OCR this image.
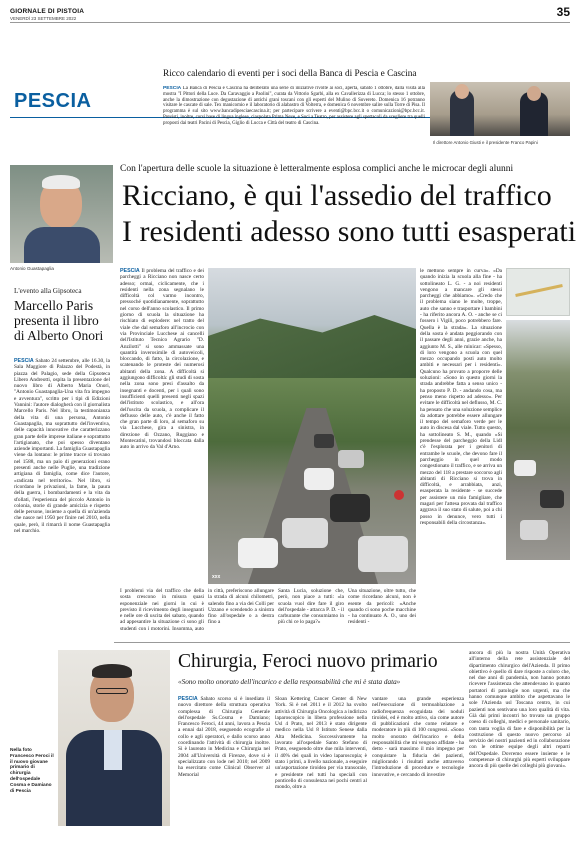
GIORNALE DI PISTOIA
VENERDÌ 23 SETTEMBRE 2022	35
PESCIA
Ricco calendario di eventi per i soci della Banca di Pescia e Cascina
PESCIA La Banca di Pescia e Cascina ha deliberato una serie di iniziative rivolte ai soci, aperta, sabato 1 ottobre, dalla visita alla mostra "I Pittori della Luce. Da Caravaggio a Paolini", curata da Vittorio Sgarbi, alla ex Cavallerizza di Lucca; lo stesso 1 ottobre, anche la dimostrazione con degustazione di antichi grani toscani con gli esperti del Mulino di Suvereto. Domenica 16 potranno visitare le cascate di sale. Tex manicomio e il laboratorio di alabastro di Volterra, e domenica 6 novembre salire sulla Torre di Pisa. Il programma è sul sito www.bancadipesciaecascina.it; per partecipare scrivere a eventi@bpc.bcc.it o comunicazioni@bpc.bcc.it. Previsti, inoltre, corsi base di lingua inglese, ciaspolata Prima Neve, e Soci a Teatro, per assistere agli spettacoli da scegliere tra quelli proposti dai teatri Pacini di Pescia, Giglio di Lucca e Città del teatro di Cascina.
Il direttore Antonio Giusti e il presidente Franco Papini
Con l'apertura delle scuole la situazione è letteralmente esplosa complici anche le microcar degli alunni
Antonio Guastapaglia
Riccianо, è qui l'assedio del traffico
I residenti adesso sono tutti esasperati
L'evento alla Gipsoteca
Marcello Paris presenta il libro di Alberto Onori
PESCIA Sabato 24 settembre, alle 16.30, la Sala Maggiore di Palazzo del Podestà, in piazza del Palagio, sede della Gipsoteca Libero Andreotti, ospita la presentazione del nuovo libro di Alberto Maria Onori, "Antonio Guastapaglia-Una vita fra impegno e avventura", scritto per i tipi di Edizioni Vannini: l'autore dialogherà con il giornalista Marcello Paris. Nel libro, la testimonianza della vita di una persona, Antonio Guastapaglia, ma soprattutto dell'inventiva, delle capacità innovative che caratterizzano gran parte delle imprese italiane e soprattutto l'artigianato, che poi spesso diventano aziende importanti. La famiglia Guastapaglia viene da lontano: le prime tracce si trovano nel 1588, ma un paio di generazioni erano presenti anche nelle Puglie, una tradizione artigiana di famiglia, come dice l'autore, «radicata nel territorio». Nel libro, si ricordano le privazioni, la fame, la paura della guerra, i bombardamenti e la vita da sfollati, l'esperienza del piccolo Antonio in colonia, storie di grande amicizia e rispetto delle persone, insieme a quella di un'azienda che nasce nel 1950 per finire nel 2010, nella quale, però, il rimarrà il nome Guastapaglia nel marchio.
PESCIA Il problema del traffico e dei parcheggi a Ricciano non nasce certo adesso; ormai, ciclicamente, che i residenti nella zona segnalano le difficoltà col varmo incontro, pressoché quotidianamente, soprattutto nel corso dell'anno scolastico. Il primo giorno di scuola la situazione ha rischiato di esplodere: nel tratto del viale che dal semaforo all'incrocio con via Provinciale Lucchese ai cancelli dell'Istituto Tecnico Agrario "D. Anzilotti" si sono ammassate una quantità inverosimile di autoveicoli, bloccando, di fatto, la circolazione, e scatenando le proteste dei numerosi abitanti della zona. A difficoltà si aggiungono difficoltà: gli studi di sosta nella zona sono presi d'assalto da insegnanti e docenti, per i quali sono insufficienti quelli presenti negli spazi dell'istituto scolastico, e all'ora dell'uscita da scuola, a complicare il deflusso delle auto, c'è anche il fatto che gran parte di loro, al semaforo su via Lucchese, gira a sinistra, in direzione di Ozzano, Ruggiano e Montecatini, trovandosi bloccata dalla auto in arrivo da Val d'Arno.
xxx
le mettono sempre in curva». «Da quando inizia la scuola alla fine - ha sottolineato L. G. - a noi residenti vengono a mancare gli stessi parcheggi che abbiamo». «Credo che il problema siano le molte, troppe, auto che sanno e trasportare i bambini - ha riferito ancora A. O. - anche se ci fossero i Vigili, poco potrebbero fare. Quella è la strada». La situazione della sosta è andata peggiorando con il passare degli anni, grazie anche, ha aggiunto M. S., alle minicar: «Spesso, di loro vengono a scuola con quel mezzo occupando posti auto molto ambiti e necessari per i residenti». Qualcuno ha provato a proporre delle soluzioni: «Sono in questo giorni la strada andrebbe fatta a senso unico - ha proposto P. D. - andando cosa, ma penso meno rispetto ad adesso». Per evitare le difficoltà nel deflusso, M. C. ha pensato che una soluzione semplice da adottare potrebbe essere allungare il tempo del semaforo verde per le auto in discesa dal viale. Tutto questo, ha sottolineato S. M., quando «Si prendesse del parcheggio della Lidl c'è l'esplorata per i genitori di entrambe le scuole, che devono fare il parcheggio in quel modo congestionato il traffico, e se arriva un mezzo del 118 a prestare soccorso agli abitanti di Ricciano si trova in difficoltà, e arrabbiata, anzi, esasperata la residente - se succede per assistere un mio famigliare, che magari per l'attesa provata dal traffico aggrava il suo stato di salute, poi a chi posso in denunce, vero tutti i responsabili della circostanza».
in città, preferiscono allungare la strada di alcuni chilometri, salendo fino a via dei Colli per Uzzano e scendendo a sinistra fino all'ospedale o a destra fino a
Santa Lucia, soluzione che, però, non piace a tutti: «la scuola vuol dire fare il giro dell'ospedale - attacca P. D. - il carburante che consumiamo in più chi ce lo paga?»
Una situazione, oltre tutto, che come ricordano alcuni, non è esente da pericoli: «Anche quando ci sono poche macchine - ha continuato A. O., uno dei residenti -
I problemi via del traffico che della sosta crescono in misura quasi esponenziale nei giorni in cui è previsto il ricevimento degli insegnanti e nelle ore di uscita dei sabato, quando ad appesantire la situazione ci sono gli studenti con i motorini. Insomma, auto
Nella foto Francesco Feroci il il nuovo giovane primario di chirurgia dell'ospedale Cosma e Damiano di Pescia
Chirurgia, Feroci nuovo primario
«Sono molto onorato dell'incarico e della responsabilità che mi è stata data»
PESCIA Sabato scorso si è insediato il nuovo direttore della struttura operativa complessa di Chirurgia Generale dell'ospedale Ss.Cosma e Damiano; Francesco Feroci, 44 anni, lavora a Pescia a ennai dal 2018, eseguendo ecografie al collo e agli operatori, e dallo scorso anno coordinando l'attività di chirurgia inoltre. Si è laureato in Medicina e Chirurgia nel 2004 all'Università di Firenze, dove si è specializzato con lode nel 2010; nel 2009 ha esercitato come Clinical Observer al Memorial
Sloan Kettering Cancer Center di New York. Si è nel 2011 e il 2012 ha svolto attività di Chirurgia Oncologica a indirizzo laparoscopico in libera professione nella Usl 4 Prato, nel 2013 è stato dirigente medico nella Usl 8 Istituto Senese dalla Alta Medicina. Successivamente ha lavorato all'ospedale Santo Stefano di Prato, eseguendo oltre due mila interventi, il 40% dei quali in video laparoscopia; è stato i primi, a livello nazionale, a eseguire un'asportazione tiroidea per via transorale, e presidente nel tutti ha speciali con ponticello di consulenza nei pochi centri al mondo, oltre a
vantare una grande esperienza nell'esecuzione di termoablazione a radiofrequenza ecoguidata dei noduli tiroidei, ed è molto attivo, sia come autore di pubblicazioni che come relatore e moderatore in più di 100 congressi. «Sono molto onorato dell'incarico e della responsabilità che mi vengono affidate - ha detto - sarà massimo il mio impegno per conquistare la fiducia dei pazienti, migliorando i risultati anche attraverso l'introduzione di procedure e tecnologie innovative, e cercando di investire
ancora di più la nostra Unità Operativa all'interno della rete assistenziale del dipartimento chirurgico dell'Azienda. Il primo obiettivo è quello di dare risposte a coloro che, nel due anni di pandemia, non hanno potuto ricevere l'assistenza che attendevano in quanto portatori di patologie non urgenti, ma che hanno comunque ambito che aspettavano le sole l'Azienda usl Toscana centro, in cui pazienti non sentivano una loro qualità di vita. Già dai primi incontri ho trovato un gruppo coeso di colleghi, medici e personale sanitario, con tanta voglia di fare e disponibilità per la costruzione di questo nuovo percorso al servizio dei nostri pazienti ed in collaborazione con le ottime equipe degli altri reparti dell'Ospedale. Dovremo essere insieme e le competenze di chirurghi più esperti sviluppare ancora di più quelle dei colleghi più giovani».
